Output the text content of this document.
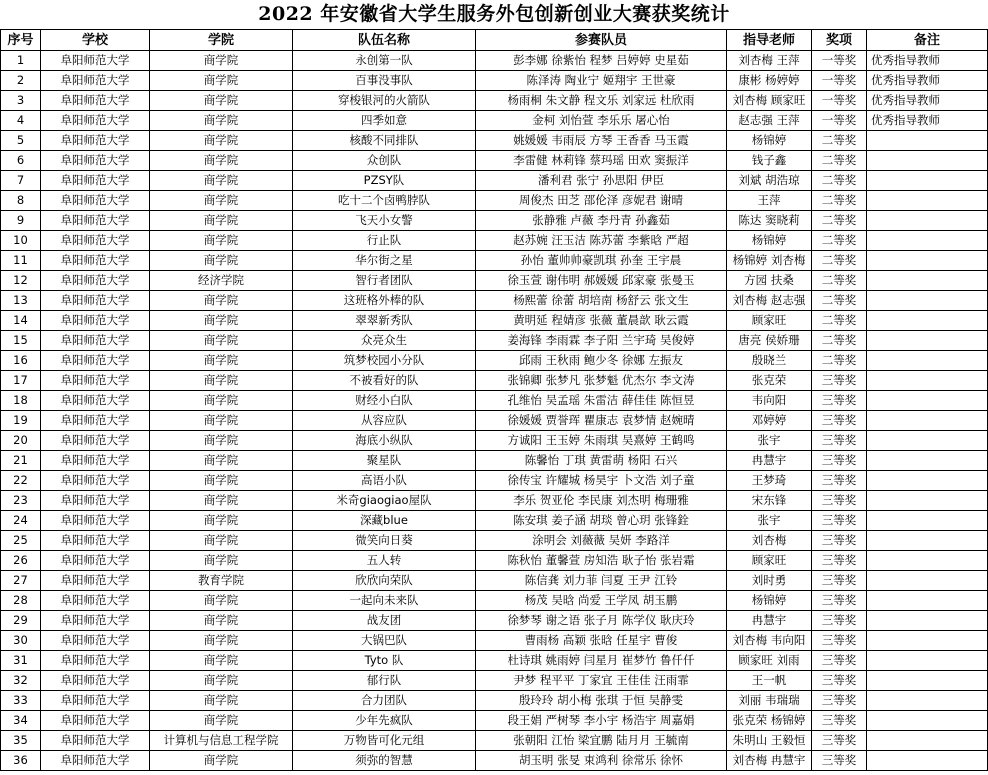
2022 年安徽省大学生服务外包创新创业大赛获奖统计
序号	学校	学院	队伍名称	参赛队员	指导老师	奖项	备注
1	阜阳师范大学	商学院	永创第一队	彭李娜 徐紫怡 程梦 吕婷婷 史星茹	刘杏梅 王萍	一等奖	优秀指导教师
2	阜阳师范大学	商学院	百事没事队	陈泽涛 陶业宁 姬翔宇 王世豪	康彬 杨婷婷	一等奖	优秀指导教师
3	阜阳师范大学	商学院	穿梭银河的火箭队	杨雨桐 朱文静 程文乐 刘家远 杜欣雨	刘杏梅 顾家旺	一等奖	优秀指导教师
4	阜阳师范大学	商学院	四季如意	金柯 刘怡萱 李乐乐 屠心怡	赵志强 王萍	一等奖	优秀指导教师
5	阜阳师范大学	商学院	核酸不同排队	姚媛媛 韦雨辰 方琴 王香香 马玉霞	杨锦婷	二等奖	
6	阜阳师范大学	商学院	众创队	李雷健 林莉锋 蔡玛瑶 田欢 窦振洋	钱子鑫	二等奖	
7	阜阳师范大学	商学院	PZSY队	潘利君 张宁 孙思阳 伊臣	刘斌 胡浩琼	二等奖	
8	阜阳师范大学	商学院	吃十二个卤鸭脖队	周俊杰 田芝 邵伦泽 彦妮君 谢晴	王萍	二等奖	
9	阜阳师范大学	商学院	飞天小女警	张静雅 卢薇 李丹青 孙鑫茹	陈达 窦晓莉	二等奖	
10	阜阳师范大学	商学院	行止队	赵苏婉 汪玉洁 陈苏蕾 李紫晗 严超	杨锦婷	二等奖	
11	阜阳师范大学	商学院	华尔街之星	孙怡 董帅帅豪凯琪 孙奎 王宇晨	杨锦婷 刘杏梅	二等奖	
12	阜阳师范大学	经济学院	智行者团队	徐玉萱 谢伟明 郝媛媛 邱家豪 张曼玉	方园 扶桑	二等奖	
13	阜阳师范大学	商学院	这班格外棒的队	杨熙蕾 徐蕾 胡培南 杨舒云 张文生	刘杏梅 赵志强	二等奖	
14	阜阳师范大学	商学院	翠翠新秀队	黄明延 程婧彦 张薇 董晨歆 耿云霞	顾家旺	二等奖	
15	阜阳师范大学	商学院	众亮众生	姜海锋 李雨霖 李子阳 兰宇琦 吴俊婷	唐亮 侯娇珊	二等奖	
16	阜阳师范大学	商学院	筑梦校园小分队	邱雨 王秋雨 鲍少冬 徐娜 左振友	殷晓兰	二等奖	
17	阜阳师范大学	商学院	不被看好的队	张锦卿 张梦凡 张梦魁 优杰尔 李文涛	张克荣	三等奖	
18	阜阳师范大学	商学院	财经小白队	孔维怡 吴孟瑶 朱雷洁 薛佳佳 陈恒昱	韦向阳	三等奖	
19	阜阳师范大学	商学院	从容应队	徐媛媛 贾誉珲 瞿康志 袁梦情 赵婉晴	邓婷婷	三等奖	
20	阜阳师范大学	商学院	海底小纵队	方诚阳 王玉婷 朱雨琪 吴熹婷 王鹤鸣	张宇	三等奖	
21	阜阳师范大学	商学院	聚星队	陈馨怡 丁琪 黄雷萌 杨阳 石兴	冉慧宇	三等奖	
22	阜阳师范大学	商学院	高语小队	徐传宝 许耀城 杨昊宇 卜文浩 刘子童	王梦琦	三等奖	
23	阜阳师范大学	商学院	米奇giaogiao屋队	李乐 贺亚伦 李民康 刘杰明 梅珊雅	宋东锋	三等奖	
24	阜阳师范大学	商学院	深藏blue	陈安琪 姜子涵 胡琰 曾心玥 张锋銓	张宇	三等奖	
25	阜阳师范大学	商学院	微笑向日葵	涂明会 刘薇薇 吴妍 李路洋	刘杏梅	三等奖	
26	阜阳师范大学	商学院	五人转	陈秋怡 董馨萱 房知浩 耿子怡 张岩霜	顾家旺	三等奖	
27	阜阳师范大学	教育学院	欣欣向荣队	陈信龚 刘力菲 闫夏 王尹 江铃	刘时勇	三等奖	
28	阜阳师范大学	商学院	一起向未来队	杨茂 吴晗 尚爱 王学凤 胡玉鹏	杨锦婷	三等奖	
29	阜阳师范大学	商学院	战友团	徐梦琴 谢之语 张子月 陈学仪 耿庆玲	冉慧宇	三等奖	
30	阜阳师范大学	商学院	大锅巴队	曹雨杨 高颖 张晗 任星宇 曹俊	刘杏梅 韦向阳	三等奖	
31	阜阳师范大学	商学院	Tyto 队	杜诗琪 姚雨婷 闫星月 崔梦竹 鲁仟仟	顾家旺 刘雨	三等奖	
32	阜阳师范大学	商学院	郁行队	尹梦 程平平 丁家宜 王佳佳 汪雨霏	王一帆	三等奖	
33	阜阳师范大学	商学院	合力团队	殷玲玲 胡小梅 张琪 于恒 吴静雯	刘丽 韦瑞瑞	三等奖	
34	阜阳师范大学	商学院	少年先疯队	段王娟 严树琴 李小宇 杨浩宇 周嘉娟	张克荣 杨锦婷	三等奖	
35	阜阳师范大学	计算机与信息工程学院	万物皆可化元组	张朝阳 江怡 梁宜鹏 陆月月 王毓南	朱明山 王毅恒	三等奖	
36	阜阳师范大学	商学院	须弥的智慧	胡玉明 张旻 束鸿利 徐常乐 徐怀	刘杏梅 冉慧宇	三等奖	
